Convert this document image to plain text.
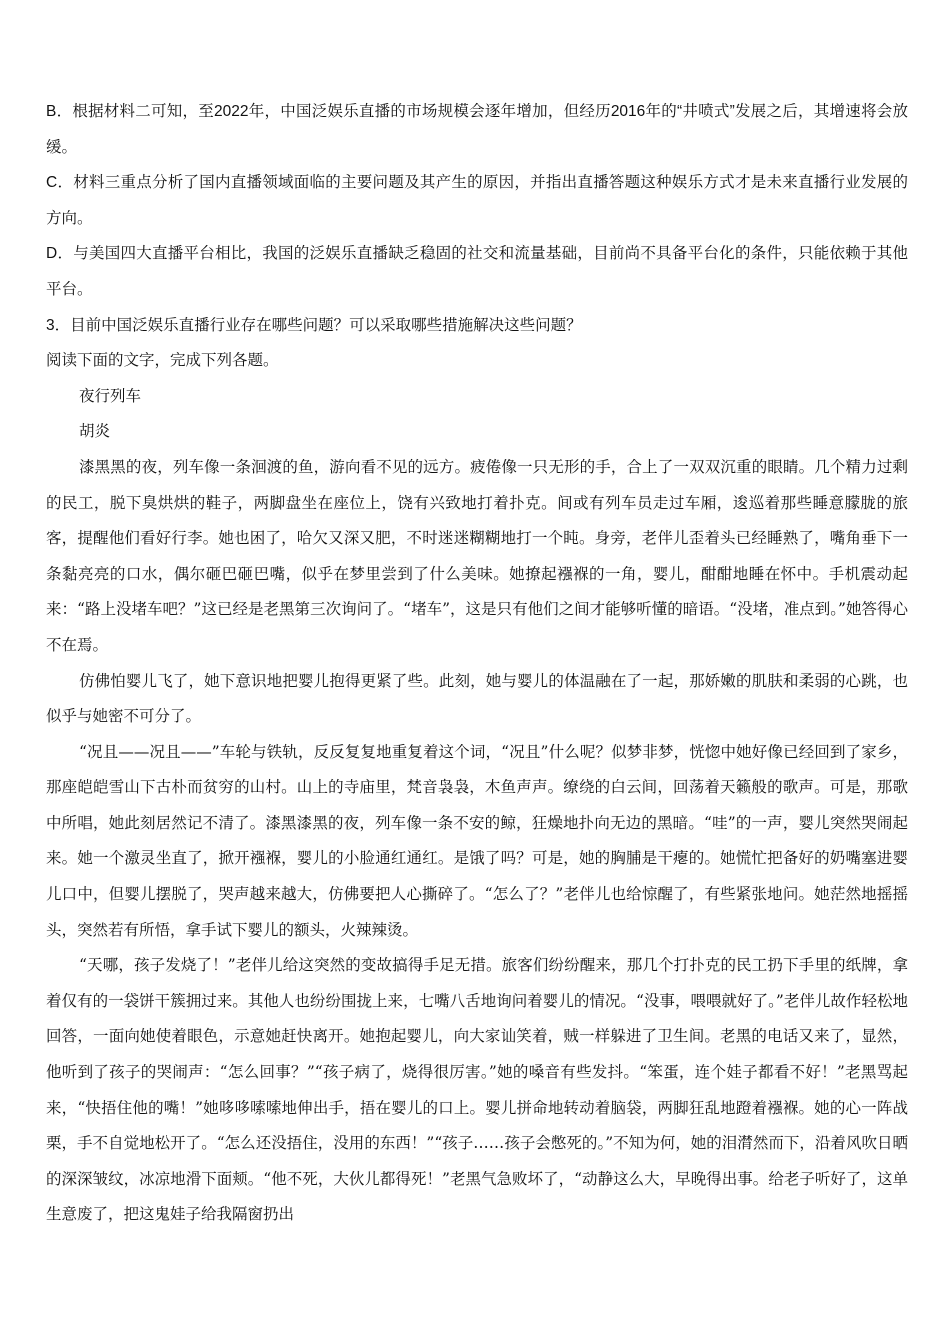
B．根据材料二可知，至2022年，中国泛娱乐直播的市场规模会逐年增加，但经历2016年的“井喷式”发展之后，其增速将会放缓。

C．材料三重点分析了国内直播领域面临的主要问题及其产生的原因，并指出直播答题这种娱乐方式才是未来直播行业发展的方向。

D．与美国四大直播平台相比，我国的泛娱乐直播缺乏稳固的社交和流量基础，目前尚不具备平台化的条件，只能依赖于其他平台。

3．目前中国泛娱乐直播行业存在哪些问题？可以采取哪些措施解决这些问题？

阅读下面的文字，完成下列各题。

夜行列车

胡炎

漆黑黑的夜，列车像一条洄渡的鱼，游向看不见的远方。疲倦像一只无形的手，合上了一双双沉重的眼睛。几个精力过剩的民工，脱下臭烘烘的鞋子，两脚盘坐在座位上，饶有兴致地打着扑克。间或有列车员走过车厢，逡巡着那些睡意朦胧的旅客，提醒他们看好行李。她也困了，哈欠又深又肥，不时迷迷糊糊地打一个盹。身旁，老伴儿歪着头已经睡熟了，嘴角垂下一条黏亮亮的口水，偶尔砸巴砸巴嘴，似乎在梦里尝到了什么美味。她撩起襁褓的一角，婴儿，酣酣地睡在怀中。手机震动起来：“路上没堵车吧？”这已经是老黑第三次询问了。“堵车”，这是只有他们之间才能够听懂的暗语。“没堵，准点到。”她答得心不在焉。

仿佛怕婴儿飞了，她下意识地把婴儿抱得更紧了些。此刻，她与婴儿的体温融在了一起，那娇嫩的肌肤和柔弱的心跳，也似乎与她密不可分了。

“况且——况且——”车轮与铁轨，反反复复地重复着这个词，“况且”什么呢？似梦非梦，恍惚中她好像已经回到了家乡，那座皑皑雪山下古朴而贫穷的山村。山上的寺庙里，梵音袅袅，木鱼声声。缭绕的白云间，回荡着天籁般的歌声。可是，那歌中所唱，她此刻居然记不清了。漆黑漆黑的夜，列车像一条不安的鲸，狂燥地扑向无边的黑暗。“哇”的一声，婴儿突然哭闹起来。她一个激灵坐直了，掀开襁褓，婴儿的小脸通红通红。是饿了吗？可是，她的胸脯是干瘪的。她慌忙把备好的奶嘴塞进婴儿口中，但婴儿摆脱了，哭声越来越大，仿佛要把人心撕碎了。“怎么了？”老伴儿也给惊醒了，有些紧张地问。她茫然地摇摇头，突然若有所悟，拿手试下婴儿的额头，火辣辣烫。

“天哪，孩子发烧了！”老伴儿给这突然的变故搞得手足无措。旅客们纷纷醒来，那几个打扑克的民工扔下手里的纸牌，拿着仅有的一袋饼干簇拥过来。其他人也纷纷围拢上来，七嘴八舌地询问着婴儿的情况。“没事，喂喂就好了。”老伴儿故作轻松地回答，一面向她使着眼色，示意她赶快离开。她抱起婴儿，向大家讪笑着，贼一样躲进了卫生间。老黑的电话又来了，显然，他听到了孩子的哭闹声：“怎么回事？”“孩子病了，烧得很厉害。”她的嗓音有些发抖。“笨蛋，连个娃子都看不好！”老黑骂起来，“快捂住他的嘴！”她哆哆嗦嗦地伸出手，捂在婴儿的口上。婴儿拼命地转动着脑袋，两脚狂乱地蹬着襁褓。她的心一阵战栗，手不自觉地松开了。“怎么还没捂住，没用的东西！”“孩子……孩子会憋死的。”不知为何，她的泪潸然而下，沿着风吹日晒的深深皱纹，冰凉地滑下面颊。“他不死，大伙儿都得死！”老黑气急败坏了，“动静这么大，早晚得出事。给老子听好了，这单生意废了，把这鬼娃子给我隔窗扔出
